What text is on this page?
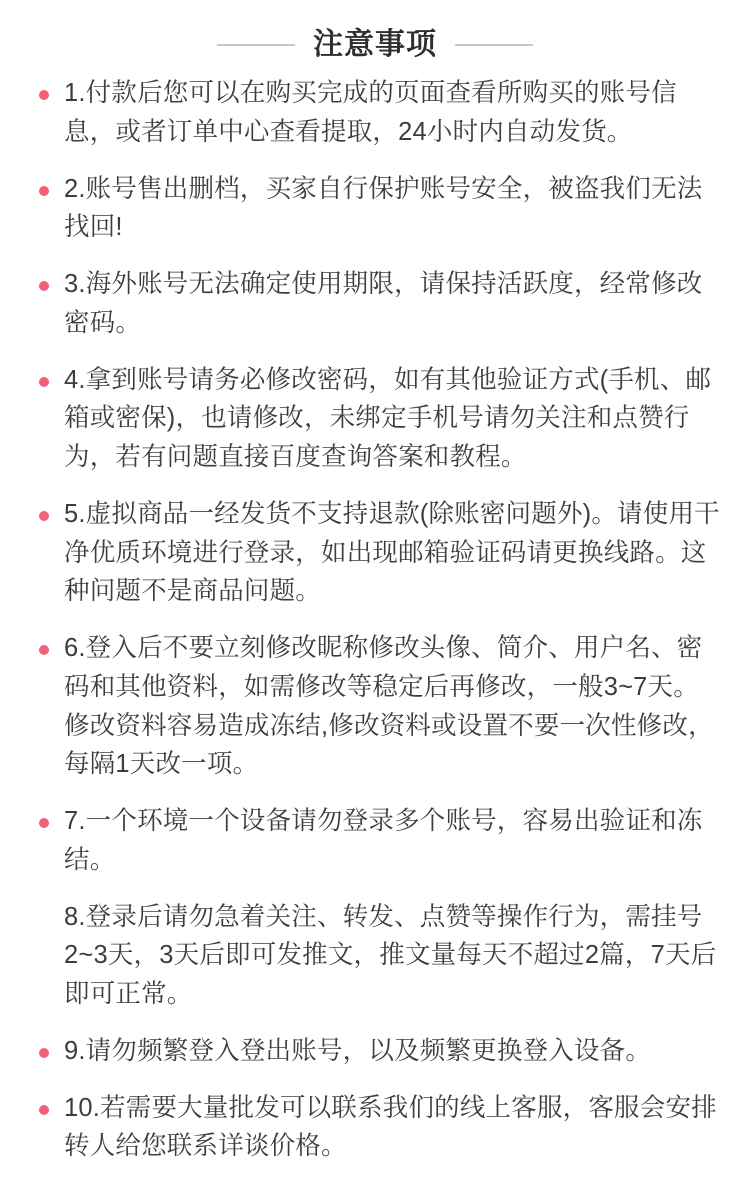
注意事项
1.付款后您可以在购买完成的页面查看所购买的账号信息，或者订单中心查看提取，24小时内自动发货。
2.账号售出删档，买家自行保护账号安全，被盗我们无法找回!
3.海外账号无法确定使用期限，请保持活跃度，经常修改密码。
4.拿到账号请务必修改密码，如有其他验证方式(手机、邮箱或密保)，也请修改，未绑定手机号请勿关注和点赞行为，若有问题直接百度查询答案和教程。
5.虚拟商品一经发货不支持退款(除账密问题外)。请使用干净优质环境进行登录，如出现邮箱验证码请更换线路。这种问题不是商品问题。
6.登入后不要立刻修改昵称修改头像、简介、用户名、密码和其他资料，如需修改等稳定后再修改，一般3~7天。修改资料容易造成冻结,修改资料或设置不要一次性修改，每隔1天改一项。
7.一个环境一个设备请勿登录多个账号，容易出验证和冻结。
8.登录后请勿急着关注、转发、点赞等操作行为，需挂号2~3天，3天后即可发推文，推文量每天不超过2篇，7天后即可正常。
9.请勿频繁登入登出账号，以及频繁更换登入设备。
10.若需要大量批发可以联系我们的线上客服，客服会安排转人给您联系详谈价格。
